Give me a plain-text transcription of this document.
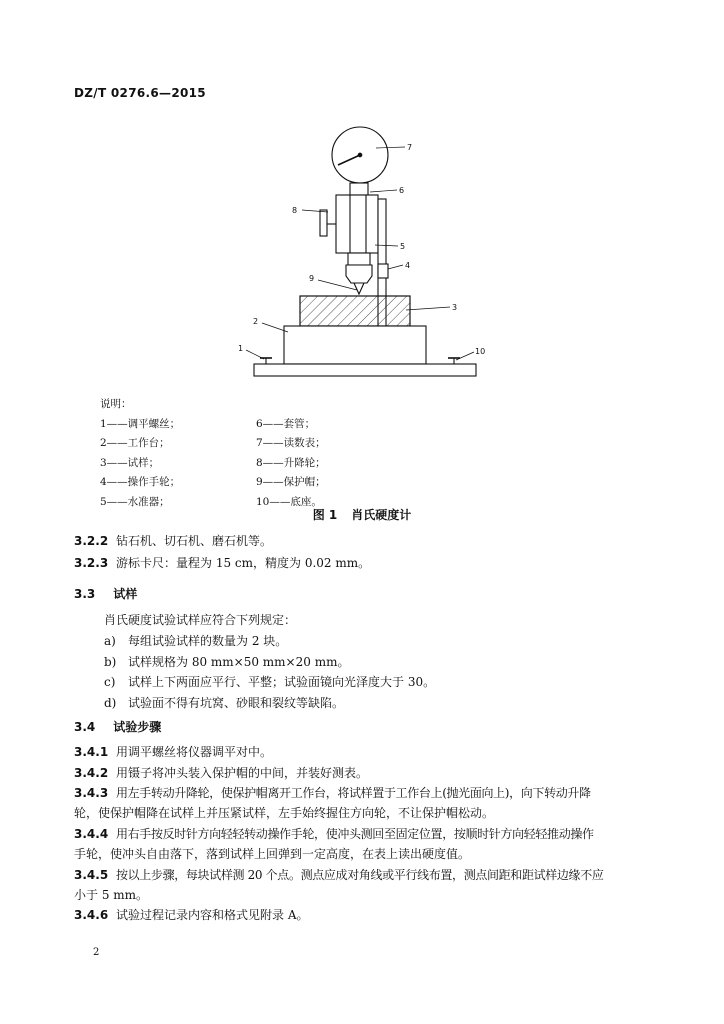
DZ/T 0276.6—2015
7
6
8
5
4
9
3
2
1	10
说明：
1——调平螺丝；
2——工作台；
3——试样；
4——操作手轮；
5——水准器；
6——套管；
7——读数表；
8——升降轮；
9——保护帽；
10——底座。
图 1 肖氏硬度计
3.2.2 钻石机、切石机、磨石机等。
3.2.3 游标卡尺：量程为 15 cm，精度为 0.02 mm。
3.3 试样
肖氏硬度试验试样应符合下列规定：
a) 每组试验试样的数量为 2 块。
b) 试样规格为 80 mm×50 mm×20 mm。
c) 试样上下两面应平行、平整；试验面镜向光泽度大于 30。
d) 试验面不得有坑窝、砂眼和裂纹等缺陷。
3.4 试验步骤
3.4.1 用调平螺丝将仪器调平对中。
3.4.2 用镊子将冲头装入保护帽的中间，并装好测表。
3.4.3 用左手转动升降轮，使保护帽离开工作台，将试样置于工作台上(抛光面向上)，向下转动升降
轮，使保护帽降在试样上并压紧试样，左手始终握住方向轮，不让保护帽松动。
3.4.4 用右手按反时针方向轻轻转动操作手轮，使冲头测回至固定位置，按顺时针方向轻轻推动操作
手轮，使冲头自由落下，落到试样上回弹到一定高度，在表上读出硬度值。
3.4.5 按以上步骤，每块试样测 20 个点。测点应成对角线或平行线布置，测点间距和距试样边缘不应
小于 5 mm。
3.4.6 试验过程记录内容和格式见附录 A。
2
